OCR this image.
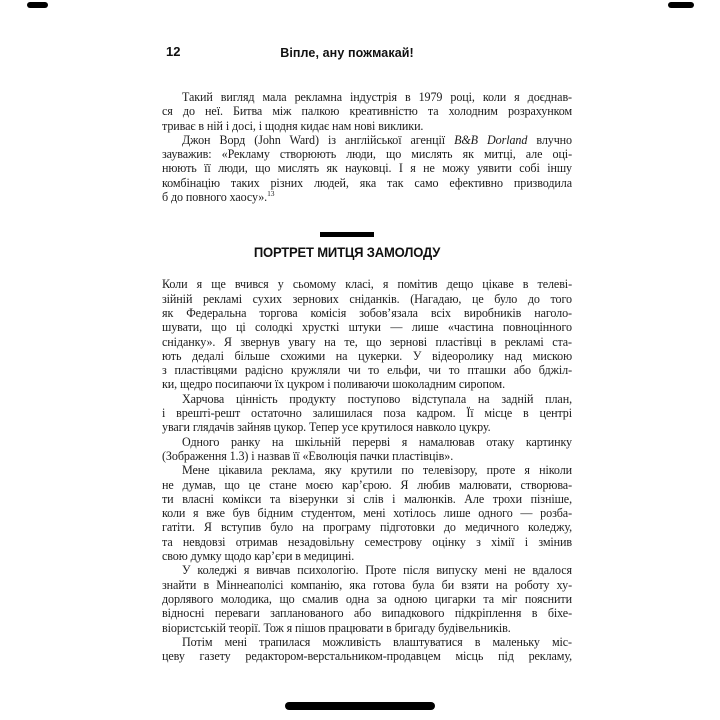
12	Віпле, ану пожмакай!
Такий вигляд мала рекламна індустрія в 1979 році, коли я доєднав-
ся до неї. Битва між палкою креативністю та холодним розрахунком
триває в ній і досі, і щодня кидає нам нові виклики.
Джон Ворд (John Ward) із англійської агенції B&B Dorland влучно
зауважив: «Рекламу створюють люди, що мислять як митці, але оці-
нюють її люди, що мислять як науковці. І я не можу уявити собі іншу
комбінацію таких різних людей, яка так само ефективно призводила
б до повного хаосу».$^{13}$
ПОРТРЕТ МИТЦЯ ЗАМОЛОДУ
Коли я ще вчився у сьомому класі, я помітив дещо цікаве в телеві-
зійній рекламі сухих зернових сніданків. (Нагадаю, це було до того
як Федеральна торгова комісія зобов’язала всіх виробників наголо-
шувати, що ці солодкі хрусткі штуки — лише «частина повноцінного
сніданку». Я звернув увагу на те, що зернові пластівці в рекламі ста-
ють дедалі більше схожими на цукерки. У відеоролику над мискою
з пластівцями радісно кружляли чи то ельфи, чи то пташки або бджіл-
ки, щедро посипаючи їх цукром і поливаючи шоколадним сиропом.
Харчова цінність продукту поступово відступала на задній план,
і врешті-решт остаточно залишилася поза кадром. Її місце в центрі
уваги глядачів зайняв цукор. Тепер усе крутилося навколо цукру.
Одного ранку на шкільній перерві я намалював отаку картинку
(Зображення 1.3) і назвав її «Еволюція пачки пластівців».
Мене цікавила реклама, яку крутили по телевізору, проте я ніколи
не думав, що це стане моєю кар’єрою. Я любив малювати, створюва-
ти власні комікси та візерунки зі слів і малюнків. Але трохи пізніше,
коли я вже був бідним студентом, мені хотілось лише одного — розба-
гатіти. Я вступив було на програму підготовки до медичного коледжу,
та невдовзі отримав незадовільну семестрову оцінку з хімії і змінив
свою думку щодо кар’єри в медицині.
У коледжі я вивчав психологію. Проте після випуску мені не вдалося
знайти в Міннеаполісі компанію, яка готова була би взяти на роботу ху-
дорлявого молодика, що смалив одна за одною цигарки та міг пояснити
відносні переваги запланованого або випадкового підкріплення в біхе-
віористській теорії. Тож я пішов працювати в бригаду будівельників.
Потім мені трапилася можливість влаштуватися в маленьку міс-
цеву газету редактором-верстальником-продавцем місць під рекламу,
